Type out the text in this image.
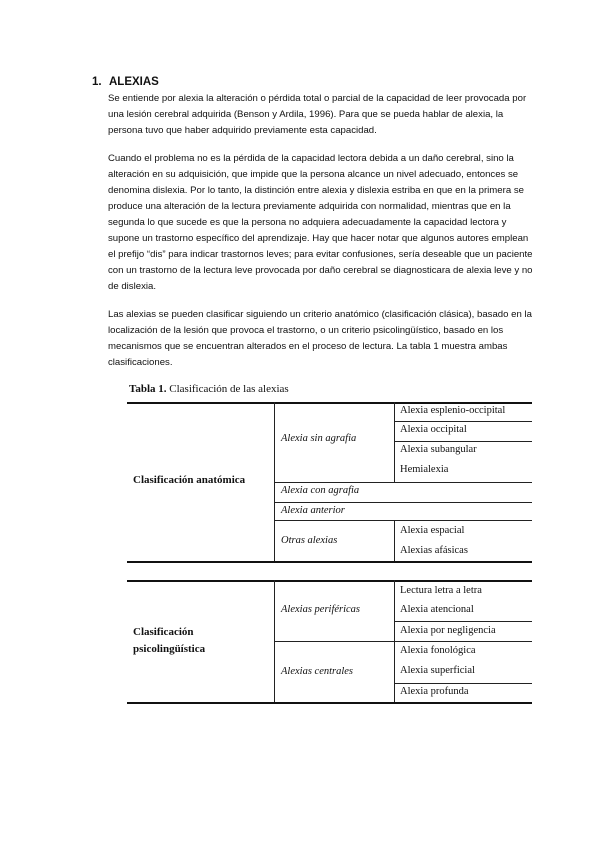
1. ALEXIAS

Se entiende por alexia la alteración o pérdida total o parcial de la capacidad de leer provocada por
una lesión cerebral adquirida (Benson y Ardila, 1996). Para que se pueda hablar de alexia, la
persona tuvo que haber adquirido previamente esta capacidad.

Cuando el problema no es la pérdida de la capacidad lectora debida a un daño cerebral, sino la
alteración en su adquisición, que impide que la persona alcance un nivel adecuado, entonces se
denomina dislexia. Por lo tanto, la distinción entre alexia y dislexia estriba en que en la primera se
produce una alteración de la lectura previamente adquirida con normalidad, mientras que en la
segunda lo que sucede es que la persona no adquiera adecuadamente la capacidad lectora y
supone un trastorno específico del aprendizaje. Hay que hacer notar que algunos autores emplean
el prefijo “dis” para indicar trastornos leves; para evitar confusiones, sería deseable que un paciente
con un trastorno de la lectura leve provocada por daño cerebral se diagnosticara de alexia leve y no
de dislexia.

Las alexias se pueden clasificar siguiendo un criterio anatómico (clasificación clásica), basado en la
localización de la lesión que provoca el trastorno, o un criterio psicolingüístico, basado en los
mecanismos que se encuentran alterados en el proceso de lectura. La tabla 1 muestra ambas
clasificaciones.

Tabla 1. Clasificación de las alexias
Clasificación anatómica
Alexia sin agrafia
Alexia esplenio-occipital
Alexia occipital
Alexia subangular
Hemialexia
Alexia con agrafia
Alexia anterior
Otras alexias
Alexia espacial
Alexias afásicas
Clasificación
psicolingüística
Alexias periféricas
Lectura letra a letra
Alexia atencional
Alexia por negligencia
Alexias centrales
Alexia fonológica
Alexia superficial
Alexia profunda
